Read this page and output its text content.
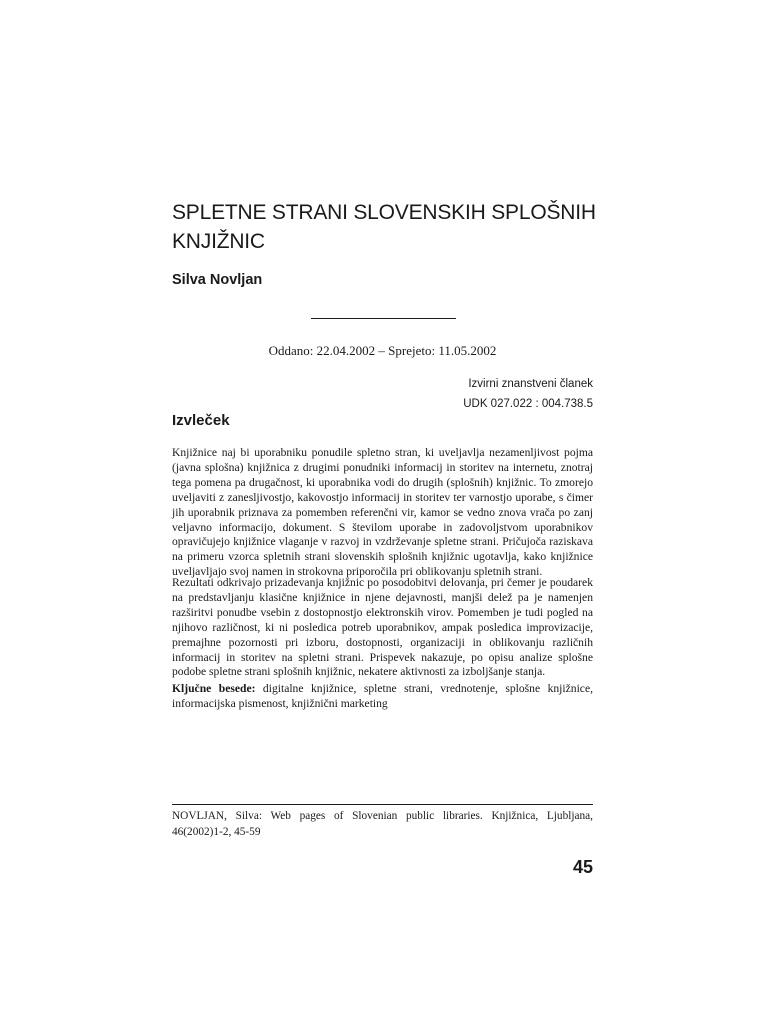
SPLETNE STRANI SLOVENSKIH SPLOŠNIH KNJIŽNIC

Silva Novljan

Oddano: 22.04.2002 – Sprejeto: 11.05.2002

Izvirni znanstveni članek
UDK 027.022 : 004.738.5
Izvleček

Knjižnice naj bi uporabniku ponudile spletno stran, ki uveljavlja nezamenljivost pojma (javna splošna) knjižnica z drugimi ponudniki informacij in storitev na internetu, znotraj tega pomena pa drugačnost, ki uporabnika vodi do drugih (splošnih) knjižnic. To zmorejo uveljaviti z zanesljivostjo, kakovostjo informacij in storitev ter varnostjo uporabe, s čimer jih uporabnik priznava za pomemben referenčni vir, kamor se vedno znova vrača po zanj veljavno informacijo, dokument. S številom uporabe in zadovoljstvom uporabnikov opravičujejo knjižnice vlaganje v razvoj in vzdrževanje spletne strani. Pričujoča raziskava na primeru vzorca spletnih strani slovenskih splošnih knjižnic ugotavlja, kako knjižnice uveljavljajo svoj namen in strokovna priporočila pri oblikovanju spletnih strani.

Rezultati odkrivajo prizadevanja knjižnic po posodobitvi delovanja, pri čemer je poudarek na predstavljanju klasične knjižnice in njene dejavnosti, manjši delež pa je namenjen razširitvi ponudbe vsebin z dostopnostjo elektronskih virov. Pomemben je tudi pogled na njihovo različnost, ki ni posledica potreb uporabnikov, ampak posledica improvizacije, premajhne pozornosti pri izboru, dostopnosti, organizaciji in oblikovanju različnih informacij in storitev na spletni strani. Prispevek nakazuje, po opisu analize splošne podobe spletne strani splošnih knjižnic, nekatere aktivnosti za izboljšanje stanja.

Ključne besede: digitalne knjižnice, spletne strani, vrednotenje, splošne knjižnice, informacijska pismenost, knjižnični marketing

NOVLJAN, Silva: Web pages of Slovenian public libraries. Knjižnica, Ljubljana, 46(2002)1-2, 45-59

45
